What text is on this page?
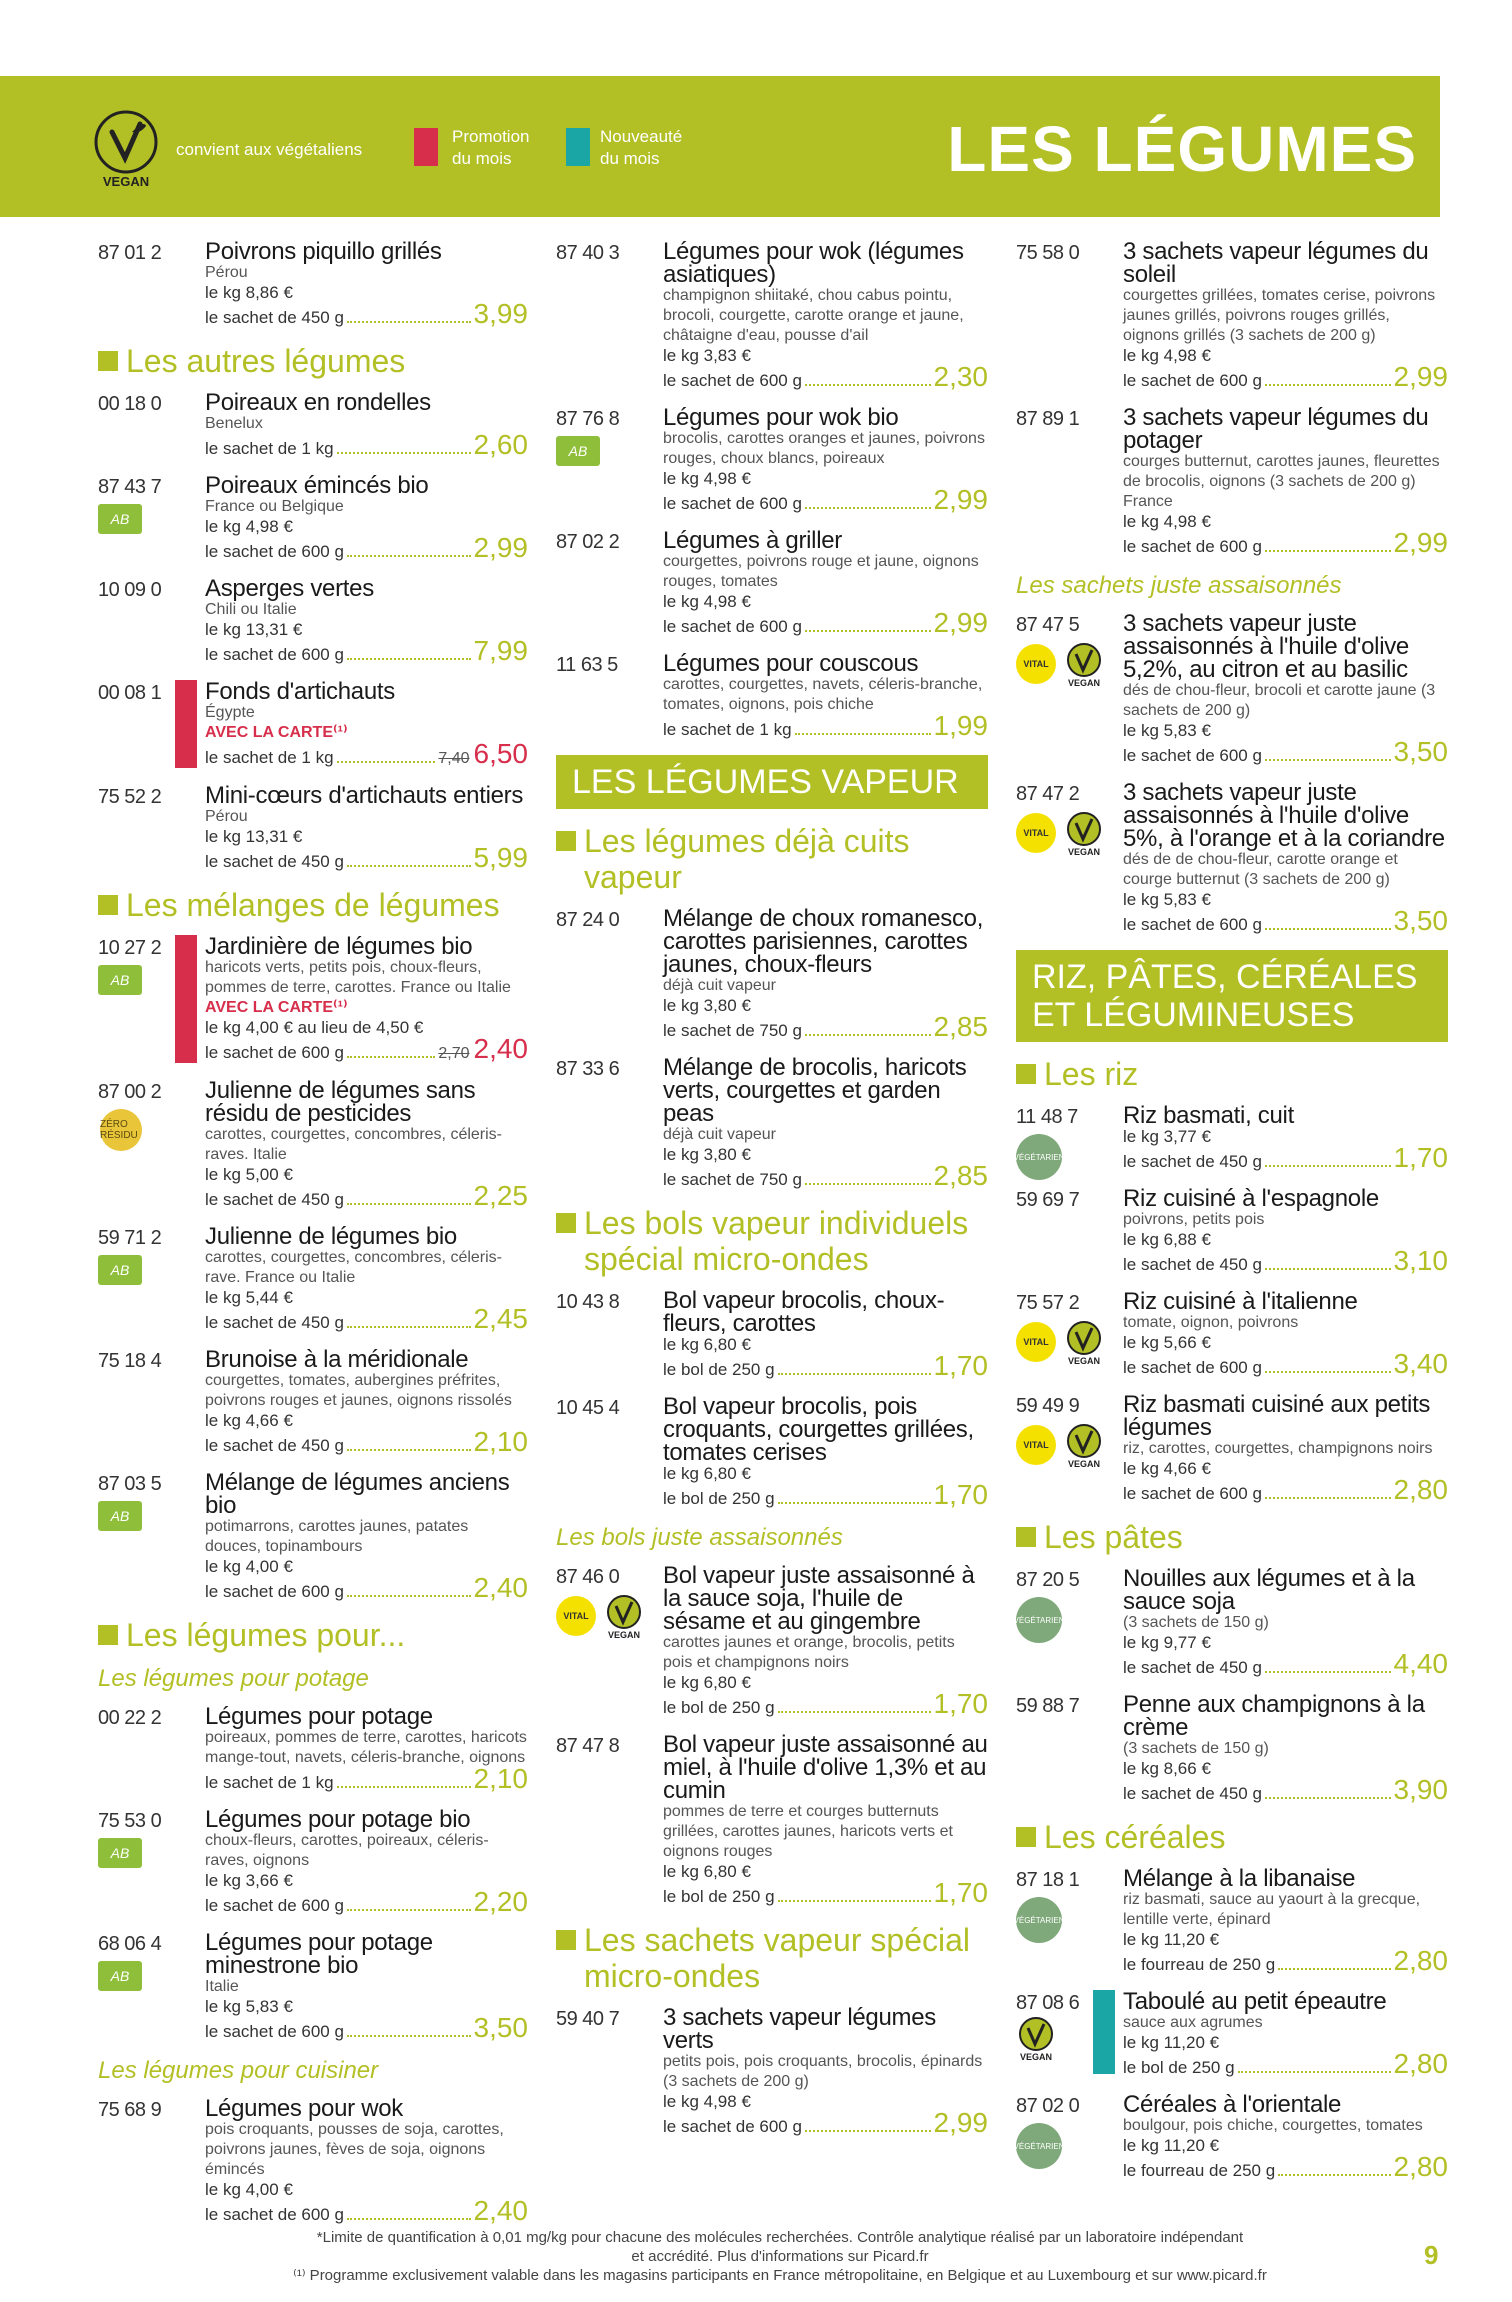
VEGAN
convient aux végétaliens
Promotion
du mois
Nouveauté
du mois	LES LÉGUMES
87 01 2 Poivrons piquillo grillés
Pérou
le kg 8,86 €
le sachet de 450 g	3,99
Les autres légumes
00 18 0 Poireaux en rondelles
Benelux
le sachet de 1 kg	2,60
87 43 7
AB
Poireaux émincés bio
France ou Belgique
le kg 4,98 €
le sachet de 600 g	2,99
10 09 0 Asperges vertes
Chili ou Italie
le kg 13,31 €
le sachet de 600 g	7,99
00 08 1 Fonds d'artichauts
Égypte
AVEC LA CARTE⁽¹⁾
le sachet de 1 kg	7,40 6,50
75 52 2 Mini-cœurs d'artichauts entiers
Pérou
le kg 13,31 €
le sachet de 450 g	5,99
Les mélanges de légumes
10 27 2
AB
Jardinière de légumes bio
haricots verts, petits pois, choux-fleurs, pommes de terre, carottes. France ou Italie
AVEC LA CARTE⁽¹⁾
le kg 4,00 € au lieu de 4,50 €
le sachet de 600 g	2,70 2,40
87 00 2
ZÉRO RÉSIDU
Julienne de légumes sans résidu de pesticides
carottes, courgettes, concombres, céleris-raves. Italie
le kg 5,00 €
le sachet de 450 g	2,25
59 71 2
AB
Julienne de légumes bio
carottes, courgettes, concombres, céleris-rave. France ou Italie
le kg 5,44 €
le sachet de 450 g	2,45
75 18 4 Brunoise à la méridionale
courgettes, tomates, aubergines préfrites, poivrons rouges et jaunes, oignons rissolés
le kg 4,66 €
le sachet de 450 g	2,10
87 03 5
AB
Mélange de légumes anciens bio
potimarrons, carottes jaunes, patates douces, topinambours
le kg 4,00 €
le sachet de 600 g	2,40
Les légumes pour...
Les légumes pour potage
00 22 2 Légumes pour potage
poireaux, pommes de terre, carottes, haricots mange-tout, navets, céleris-branche, oignons
le sachet de 1 kg	2,10
75 53 0
AB
Légumes pour potage bio
choux-fleurs, carottes, poireaux, céleris-raves, oignons
le kg 3,66 €
le sachet de 600 g	2,20
68 06 4
AB
Légumes pour potage minestrone bio
Italie
le kg 5,83 €
le sachet de 600 g	3,50
Les légumes pour cuisiner
75 68 9 Légumes pour wok
pois croquants, pousses de soja, carottes, poivrons jaunes, fèves de soja, oignons émincés
le kg 4,00 €
le sachet de 600 g	2,40
87 40 3 Légumes pour wok (légumes asiatiques)
champignon shiitaké, chou cabus pointu, brocoli, courgette, carotte orange et jaune, châtaigne d'eau, pousse d'ail
le kg 3,83 €
le sachet de 600 g	2,30
87 76 8
AB
Légumes pour wok bio
brocolis, carottes oranges et jaunes, poivrons rouges, choux blancs, poireaux
le kg 4,98 €
le sachet de 600 g	2,99
87 02 2 Légumes à griller
courgettes, poivrons rouge et jaune, oignons rouges, tomates
le kg 4,98 €
le sachet de 600 g	2,99
11 63 5 Légumes pour couscous
carottes, courgettes, navets, céleris-branche, tomates, oignons, pois chiche
le sachet de 1 kg	1,99
LES LÉGUMES VAPEUR
Les légumes déjà cuits vapeur
87 24 0 Mélange de choux romanesco, carottes parisiennes, carottes jaunes, choux-fleurs
déjà cuit vapeur
le kg 3,80 €
le sachet de 750 g	2,85
87 33 6 Mélange de brocolis, haricots verts, courgettes et garden peas
déjà cuit vapeur
le kg 3,80 €
le sachet de 750 g	2,85
Les bols vapeur individuels spécial micro-ondes
10 43 8 Bol vapeur brocolis, choux-fleurs, carottes
le kg 6,80 €
le bol de 250 g	1,70
10 45 4 Bol vapeur brocolis, pois croquants, courgettes grillées, tomates cerises
le kg 6,80 €
le bol de 250 g	1,70
Les bols juste assaisonnés
87 46 0
VITAL
VEGAN
Bol vapeur juste assaisonné à la sauce soja, l'huile de sésame et au gingembre
carottes jaunes et orange, brocolis, petits pois et champignons noirs
le kg 6,80 €
le bol de 250 g	1,70
87 47 8 Bol vapeur juste assaisonné au miel, à l'huile d'olive 1,3% et au cumin
pommes de terre et courges butternuts grillées, carottes jaunes, haricots verts et oignons rouges
le kg 6,80 €
le bol de 250 g	1,70
Les sachets vapeur spécial micro-ondes
59 40 7 3 sachets vapeur légumes verts
petits pois, pois croquants, brocolis, épinards (3 sachets de 200 g)
le kg 4,98 €
le sachet de 600 g	2,99
75 58 0 3 sachets vapeur légumes du soleil
courgettes grillées, tomates cerise, poivrons jaunes grillés, poivrons rouges grillés, oignons grillés (3 sachets de 200 g)
le kg 4,98 €
le sachet de 600 g	2,99
87 89 1 3 sachets vapeur légumes du potager
courges butternut, carottes jaunes, fleurettes de brocolis, oignons (3 sachets de 200 g) France
le kg 4,98 €
le sachet de 600 g	2,99
Les sachets juste assaisonnés
87 47 5
VITAL
VEGAN
3 sachets vapeur juste assaisonnés à l'huile d'olive 5,2%, au citron et au basilic
dés de chou-fleur, brocoli et carotte jaune (3 sachets de 200 g)
le kg 5,83 €
le sachet de 600 g	3,50
87 47 2
VITAL
VEGAN
3 sachets vapeur juste assaisonnés à l'huile d'olive 5%, à l'orange et à la coriandre
dés de de chou-fleur, carotte orange et courge butternut (3 sachets de 200 g)
le kg 5,83 €
le sachet de 600 g	3,50
RIZ, PÂTES, CÉRÉALES
ET LÉGUMINEUSES
Les riz
11 48 7
VÉGÉTARIEN
Riz basmati, cuit
le kg 3,77 €
le sachet de 450 g	1,70
59 69 7 Riz cuisiné à l'espagnole
poivrons, petits pois
le kg 6,88 €
le sachet de 450 g	3,10
75 57 2
VITAL
VEGAN
Riz cuisiné à l'italienne
tomate, oignon, poivrons
le kg 5,66 €
le sachet de 600 g	3,40
59 49 9
VITAL
VEGAN
Riz basmati cuisiné aux petits légumes
riz, carottes, courgettes, champignons noirs
le kg 4,66 €
le sachet de 600 g	2,80
Les pâtes
87 20 5
VÉGÉTARIEN
Nouilles aux légumes et à la sauce soja
(3 sachets de 150 g)
le kg 9,77 €
le sachet de 450 g	4,40
59 88 7 Penne aux champignons à la crème
(3 sachets de 150 g)
le kg 8,66 €
le sachet de 450 g	3,90
Les céréales
87 18 1
VÉGÉTARIEN
Mélange à la libanaise
riz basmati, sauce au yaourt à la grecque, lentille verte, épinard
le kg 11,20 €
le fourreau de 250 g	2,80
87 08 6
VEGAN
Taboulé au petit épeautre
sauce aux agrumes
le kg 11,20 €
le bol de 250 g	2,80
87 02 0
VÉGÉTARIEN
Céréales à l'orientale
boulgour, pois chiche, courgettes, tomates
le kg 11,20 €
le fourreau de 250 g	2,80
*Limite de quantification à 0,01 mg/kg pour chacune des molécules recherchées. Contrôle analytique réalisé par un laboratoire indépendant
et accrédité. Plus d'informations sur Picard.fr
⁽¹⁾ Programme exclusivement valable dans les magasins participants en France métropolitaine, en Belgique et au Luxembourg et sur www.picard.fr
9
